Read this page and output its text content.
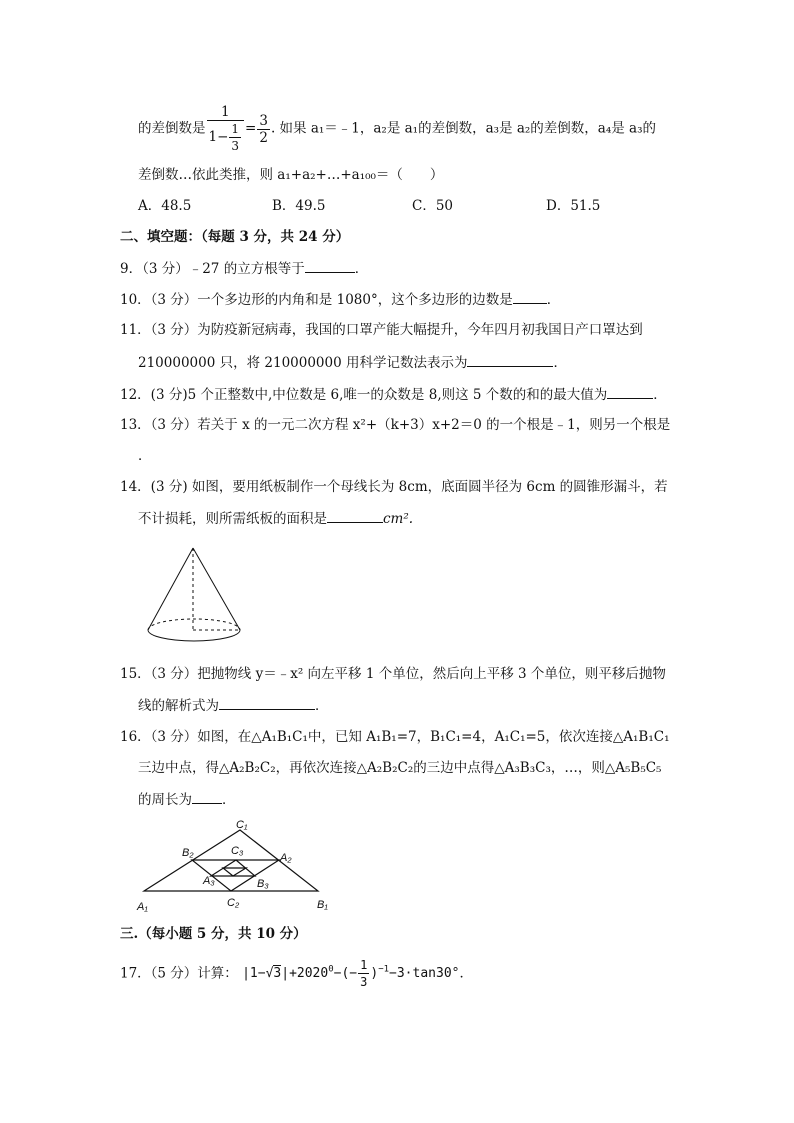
的差倒数是 $\frac{1}{1- \frac{1}{3}} = \frac{3}{2}$ . 如果 a₁＝﹣1，a₂是 a₁的差倒数，a₃是 a₂的差倒数，a₄是 a₃的
差倒数…依此类推，则 a₁+a₂+…+a₁₀₀＝（　　）
A．48.5	B．49.5	C．50	D．51.5
二、填空题：（每题 3 分，共 24 分）
9．（3 分）﹣27 的立方根等于	．
10．（3 分）一个多边形的内角和是 1080°，这个多边形的边数是	．
11．（3 分）为防疫新冠病毒，我国的口罩产能大幅提升，今年四月初我国日产口罩达到
210000000 只，将 210000000 用科学记数法表示为	．
12．(3 分)5 个正整数中,中位数是 6,唯一的众数是 8,则这 5 个数的和的最大值为	．
13．（3 分）若关于 x 的一元二次方程 x²+（k+3）x+2＝0 的一个根是﹣1，则另一个根是
．
14．(3 分) 如图，要用纸板制作一个母线长为 8cm，底面圆半径为 6cm 的圆锥形漏斗，若
不计损耗，则所需纸板的面积是	cm².
15．（3 分）把抛物线 y＝﹣x² 向左平移 1 个单位，然后向上平移 3 个单位，则平移后抛物
线的解析式为	．
16．（3 分）如图，在△A₁B₁C₁中，已知 A₁B₁=7，B₁C₁=4，A₁C₁=5，依次连接△A₁B₁C₁
三边中点，得△A₂B₂C₂，再依次连接△A₂B₂C₂的三边中点得△A₃B₃C₃，…，则△A₅B₅C₅
的周长为 ．
C₁
B₂	C₃
A₂
A₃	B₃
A₁	C₂	B₁
三.（每小题 5 分，共 10 分）
17．（5 分）计算： $|1-√3|+2020^0-(- \frac{1}{3} )^{-1}-3\cdot\tan 30^\circ$．
